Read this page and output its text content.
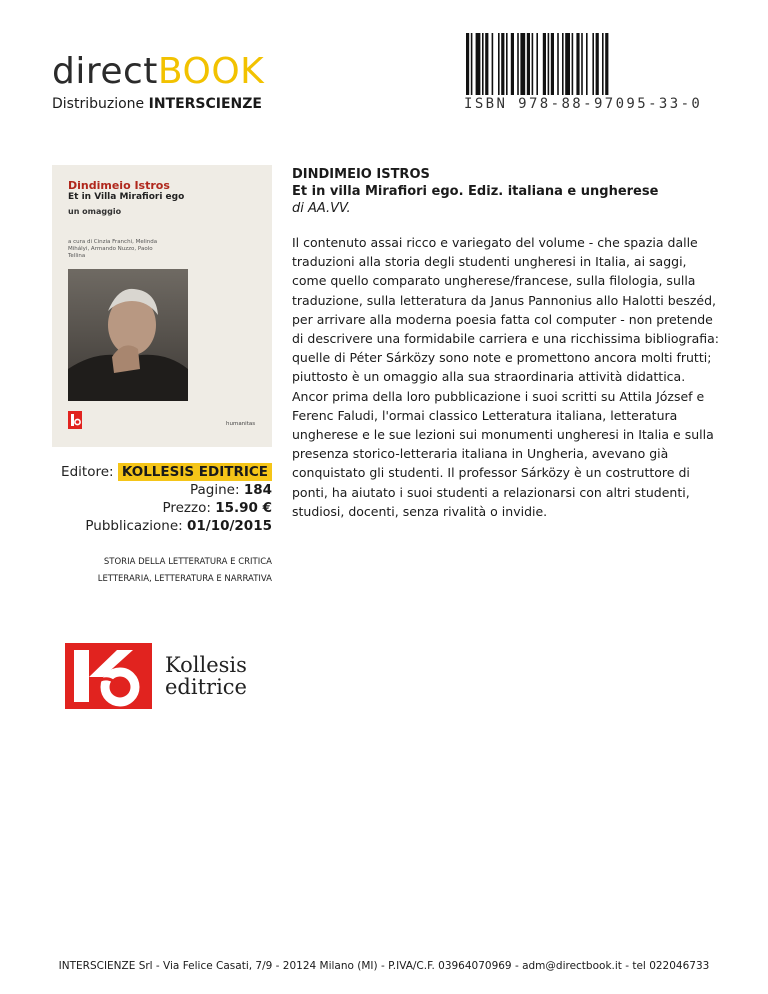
directBOOK
Distribuzione INTERSCIENZE	ISBN 978-88-97095-33-0
Dindimeio Istros
Et in Villa Mirafiori ego
un omaggio
a cura di Cinzia Franchi, Melinda Mihályi, Armando Nuzzo, Paolo Tellina
humanitas
Editore: KOLLESIS EDITRICE
Pagine: 184
Prezzo: 15.90 €
Pubblicazione: 01/10/2015
STORIA DELLA LETTERATURA E CRITICA LETTERARIA, LETTERATURA E NARRATIVA
Kollesis
editrice
DINDIMEIO ISTROS
Et in villa Mirafiori ego. Ediz. italiana e ungherese
di AA.VV.
Il contenuto assai ricco e variegato del volume - che spazia dalle traduzioni alla storia degli studenti ungheresi in Italia, ai saggi, come quello comparato ungherese/francese, sulla filologia, sulla traduzione, sulla letteratura da Janus Pannonius allo Halotti beszéd, per arrivare alla moderna poesia fatta col computer - non pretende di descrivere una formidabile carriera e una ricchissima bibliografia: quelle di Péter Sárközy sono note e promettono ancora molti frutti; piuttosto è un omaggio alla sua straordinaria attività didattica. Ancor prima della loro pubblicazione i suoi scritti su Attila József e Ferenc Faludi, l'ormai classico Letteratura italiana, letteratura ungherese e le sue lezioni sui monumenti ungheresi in Italia e sulla presenza storico-letteraria italiana in Ungheria, avevano già conquistato gli studenti. Il professor Sárközy è un costruttore di ponti, ha aiutato i suoi studenti a relazionarsi con altri studenti, studiosi, docenti, senza rivalità o invidie.
INTERSCIENZE Srl - Via Felice Casati, 7/9 - 20124 Milano (MI) - P.IVA/C.F. 03964070969 - adm@directbook.it - tel 022046733
